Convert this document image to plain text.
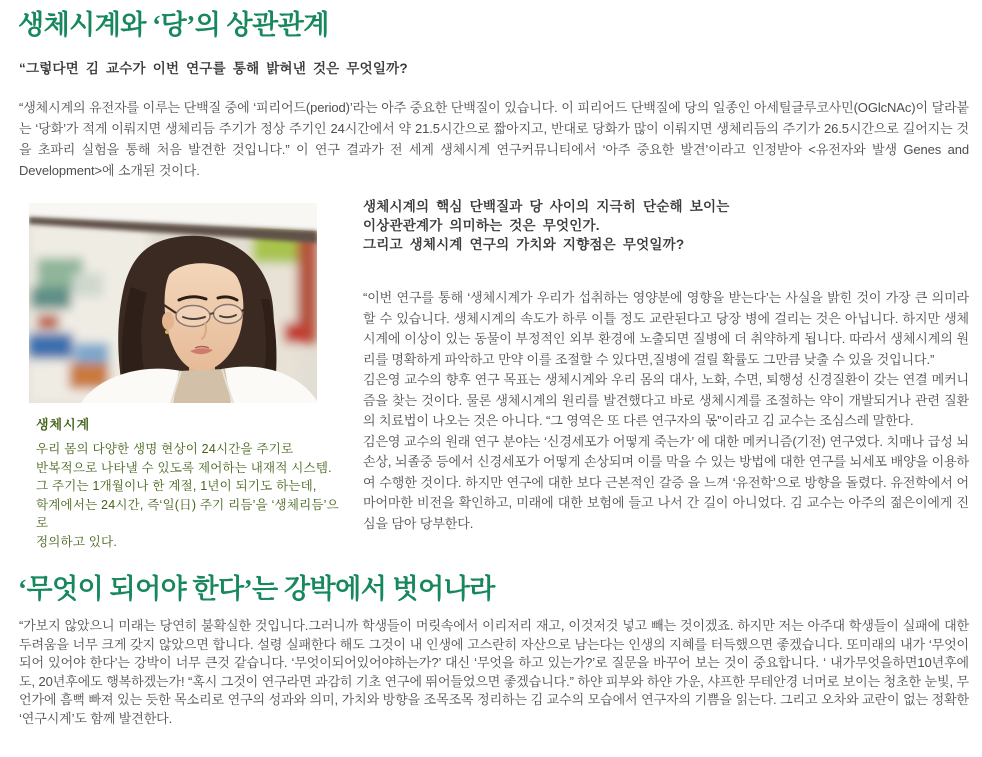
생체시계와 ‘당’의 상관관계
“그렇다면 김 교수가 이번 연구를 통해 밝혀낸 것은 무엇일까?
“생체시계의 유전자를 이루는 단백질 중에 ‘피리어드(period)’라는 아주 중요한 단백질이 있습니다. 이 피리어드 단백질에 당의 일종인 아세틸글루코사민(OGlcNAc)이 달라붙는 ‘당화’가 적게 이뤄지면 생체리듬 주기가 정상 주기인 24시간에서 약 21.5시간으로 짧아지고, 반대로 당화가 많이 이뤄지면 생체리듬의 주기가 26.5시간으로 길어지는 것을 초파리 실험을 통해 처음 발견한 것입니다.” 이 연구 결과가 전 세계 생체시계 연구커뮤니티에서 ‘아주 중요한 발견’이라고 인정받아 <유전자와 발생 Genes and Development>에 소개된 것이다.
생체시계의 핵심 단백질과 당 사이의 지극히 단순해 보이는
이상관관계가 의미하는 것은 무엇인가.
그리고 생체시계 연구의 가치와 지향점은 무엇일까?

“이번 연구를 통해 ‘생체시계가 우리가 섭취하는 영양분에 영향을 받는다’는 사실을 밝힌 것이 가장 큰 의미라 할 수 있습니다. 생체시계의 속도가 하루 이틀 정도 교란된다고 당장 병에 걸리는 것은 아닙니다. 하지만 생체시계에 이상이 있는 동물이 부정적인 외부 환경에 노출되면 질병에 더 취약하게 됩니다. 따라서 생체시계의 원리를 명확하게 파악하고 만약 이를 조절할 수 있다면,질병에 걸릴 확률도 그만큼 낮출 수 있을 것입니다.”

김은영 교수의 향후 연구 목표는 생체시계와 우리 몸의 대사, 노화, 수면, 퇴행성 신경질환이 갖는 연결 메커니즘을 찾는 것이다. 물론 생체시계의 원리를 발견했다고 바로 생체시계를 조절하는 약이 개발되거나 관련 질환의 치료법이 나오는 것은 아니다. “그 영역은 또 다른 연구자의 몫”이라고 김 교수는 조심스레 말한다.

김은영 교수의 원래 연구 분야는 ‘신경세포가 어떻게 죽는가’ 에 대한 메커니즘(기전) 연구였다. 치매나 급성 뇌손상, 뇌졸중 등에서 신경세포가 어떻게 손상되며 이를 막을 수 있는 방법에 대한 연구를 뇌세포 배양을 이용하여 수행한 것이다. 하지만 연구에 대한 보다 근본적인 갈증 을 느껴 ‘유전학’으로 방향을 돌렸다. 유전학에서 어마어마한 비전을 확인하고, 미래에 대한 보험에 들고 나서 간 길이 아니었다. 김 교수는 아주의 젊은이에게 진심을 담아 당부한다.

생체시계

우리 몸의 다양한 생명 현상이 24시간을 주기로

반복적으로 나타낼 수 있도록 제어하는 내재적 시스템.

그 주기는 1개월이나 한 계절, 1년이 되기도 하는데,

학계에서는 24시간, 즉‘일(日) 주기 리듬’을 ‘생체리듬’으로

정의하고 있다.

‘무엇이 되어야 한다’는 강박에서 벗어나라
“가보지 않았으니 미래는 당연히 불확실한 것입니다.그러니까 학생들이 머릿속에서 이리저리 재고, 이것저것 넣고 빼는 것이겠죠. 하지만 저는 아주대 학생들이 실패에 대한 두려움을 너무 크게 갖지 않았으면 합니다. 설령 실패한다 해도 그것이 내 인생에 고스란히 자산으로 남는다는 인생의 지혜를 터득했으면 좋겠습니다. 또미래의 내가 ‘무엇이 되어 있어야 한다’는 강박이 너무 큰것 같습니다. ‘무엇이되어있어야하는가?’ 대신 ‘무엇을 하고 있는가?’로 질문을 바꾸어 보는 것이 중요합니다. ‘ 내가무엇을하면10년후에도, 20년후에도 행복하겠는가! “혹시 그것이 연구라면 과감히 기초 연구에 뛰어들었으면 좋겠습니다.” 하얀 피부와 하얀 가운, 샤프한 무테안경 너머로 보이는 청초한 눈빛, 무언가에 흠뻑 빠져 있는 듯한 목소리로 연구의 성과와 의미, 가치와 방향을 조목조목 정리하는 김 교수의 모습에서 연구자의 기쁨을 읽는다. 그리고 오차와 교란이 없는 정확한 ‘연구시계’도 함께 발견한다.
